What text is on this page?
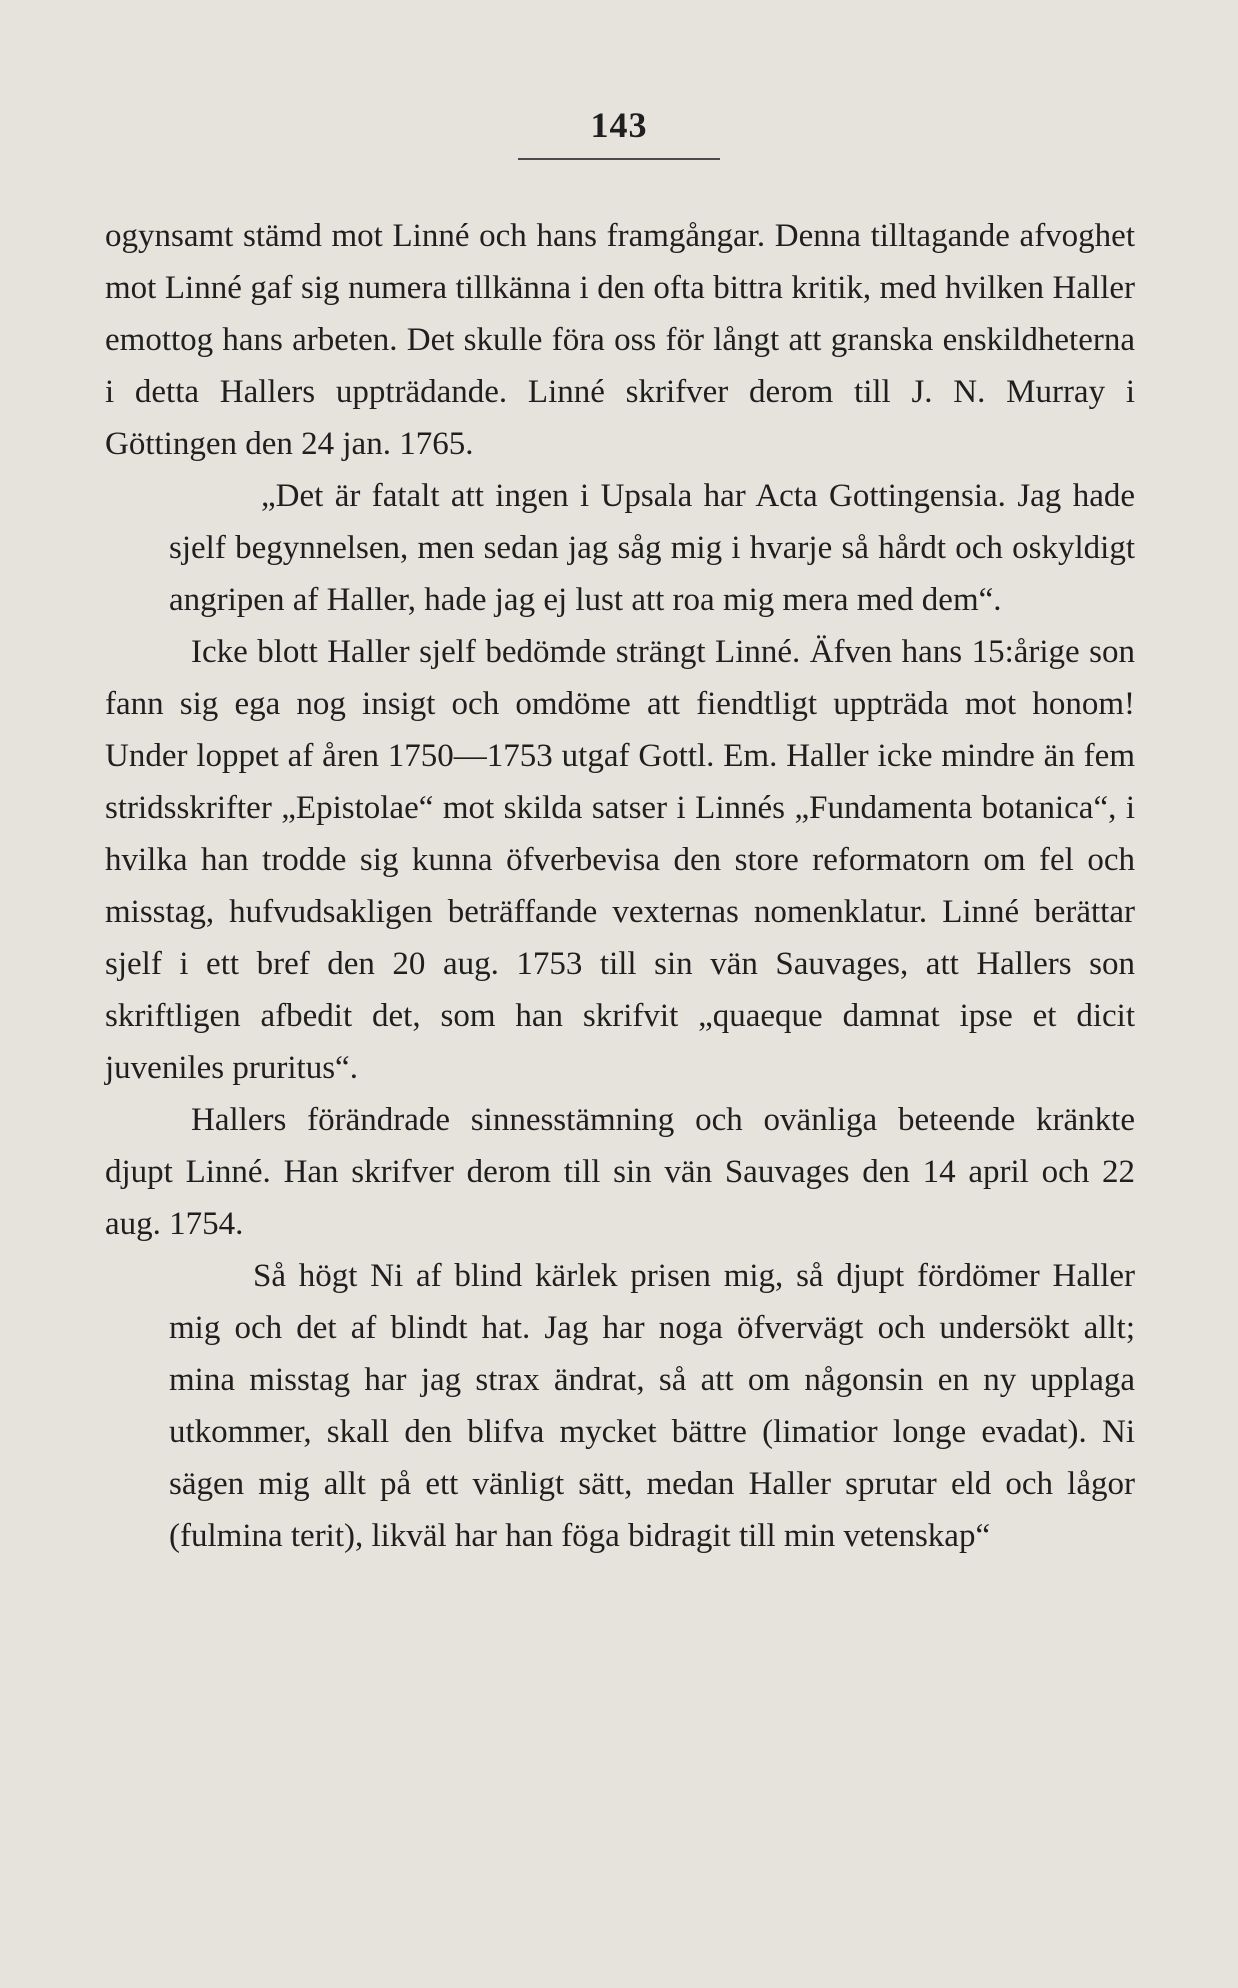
143

ogynsamt stämd mot Linné och hans framgångar. Denna tilltagande afvoghet mot Linné gaf sig numera tillkänna i den ofta bittra kritik, med hvilken Haller emottog hans arbeten. Det skulle föra oss för långt att granska enskildheterna i detta Hallers uppträdande. Linné skrifver derom till J. N. Murray i Göttingen den 24 jan. 1765.

„Det är fatalt att ingen i Upsala har Acta Gottingensia. Jag hade sjelf begynnelsen, men sedan jag såg mig i hvarje så hårdt och oskyldigt angripen af Haller, hade jag ej lust att roa mig mera med dem“.

Icke blott Haller sjelf bedömde strängt Linné. Äfven hans 15:årige son fann sig ega nog insigt och omdöme att fiendtligt uppträda mot honom! Under loppet af åren 1750—1753 utgaf Gottl. Em. Haller icke mindre än fem stridsskrifter „Epistolae“ mot skilda satser i Linnés „Fundamenta botanica“, i hvilka han trodde sig kunna öfverbevisa den store reformatorn om fel och misstag, hufvudsakligen beträffande vexternas nomenklatur. Linné berättar sjelf i ett bref den 20 aug. 1753 till sin vän Sauvages, att Hallers son skriftligen afbedit det, som han skrifvit „quaeque damnat ipse et dicit juveniles pruritus“.

Hallers förändrade sinnesstämning och ovänliga beteende kränkte djupt Linné. Han skrifver derom till sin vän Sauvages den 14 april och 22 aug. 1754.

Så högt Ni af blind kärlek prisen mig, så djupt fördömer Haller mig och det af blindt hat. Jag har noga öfvervägt och undersökt allt; mina misstag har jag strax ändrat, så att om någonsin en ny upplaga utkommer, skall den blifva mycket bättre (limatior longe evadat). Ni sägen mig allt på ett vänligt sätt, medan Haller sprutar eld och lågor (fulmina terit), likväl har han föga bidragit till min vetenskap“
